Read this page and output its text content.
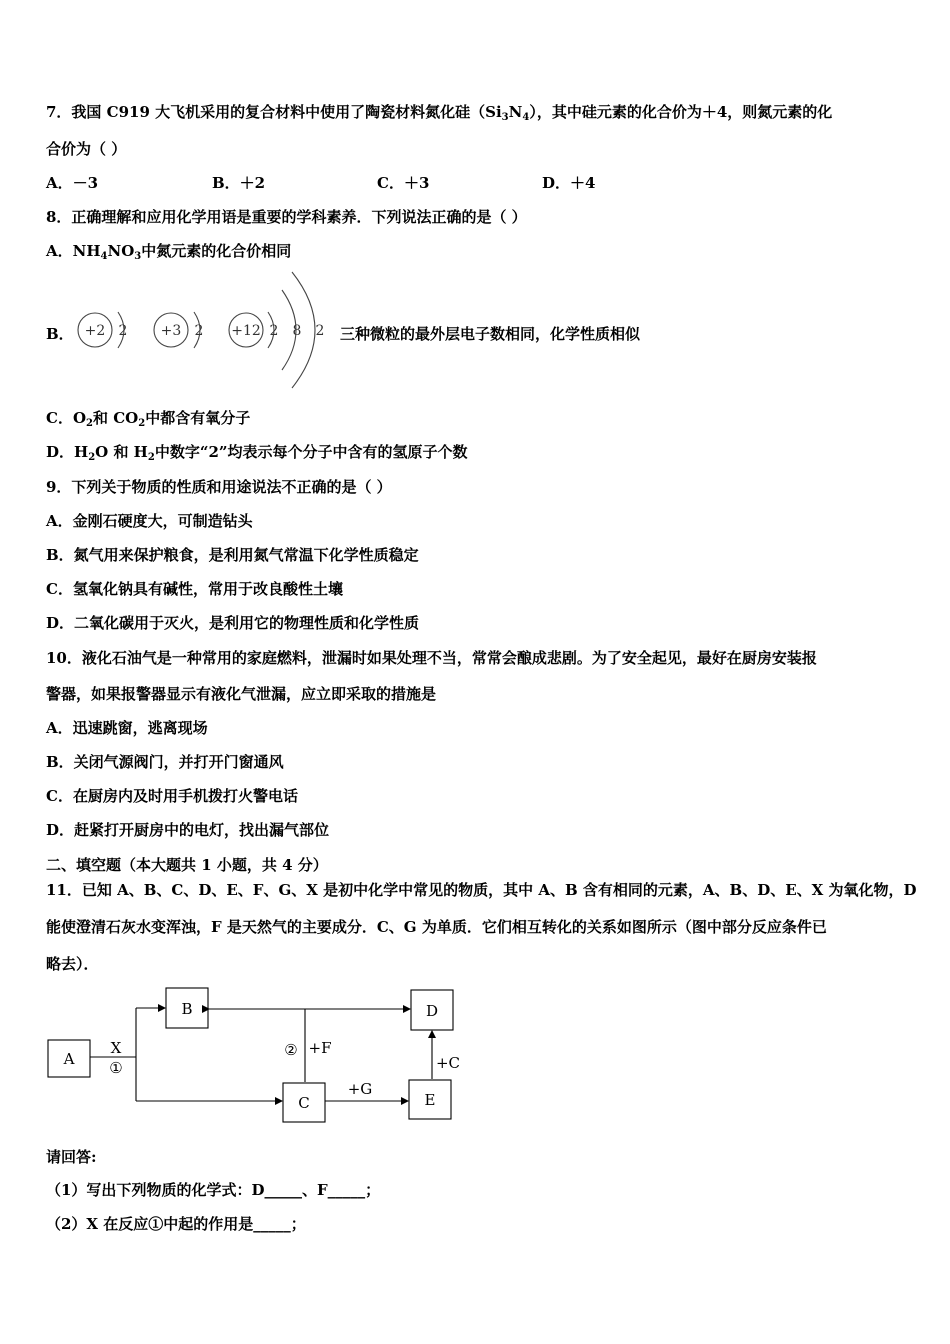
7．我国 C919 大飞机采用的复合材料中使用了陶瓷材料氮化硅$(Si_3N_4)$，其中硅元素的化合价为＋4，则氮元素的化
合价为（ ）
A．－3	B．＋2	C．＋3	D．＋4
8．正确理解和应用化学用语是重要的学科素养．下列说法正确的是（ ）
A．$NH_4NO_3$中氮元素的化合价相同
B． +2 2 +3 2 +12 2 8 2 三种微粒的最外层电子数相同，化学性质相似
C．$O_2$和 $CO_2$中都含有氧分子
D．$H_2O$ 和 $H_2$中数字“2”均表示每个分子中含有的氢原子个数
9．下列关于物质的性质和用途说法不正确的是（ ）
A．金刚石硬度大，可制造钻头
B．氮气用来保护粮食，是利用氮气常温下化学性质稳定
C．氢氧化钠具有碱性，常用于改良酸性土壤
D．二氧化碳用于灭火，是利用它的物理性质和化学性质
10．液化石油气是一种常用的家庭燃料，泄漏时如果处理不当，常常会酿成悲剧。为了安全起见，最好在厨房安装报
警器，如果报警器显示有液化气泄漏，应立即采取的措施是
A．迅速跳窗，逃离现场
B．关闭气源阀门，并打开门窗通风
C．在厨房内及时用手机拨打火警电话
D．赶紧打开厨房中的电灯，找出漏气部位
二、填空题（本大题共 1 小题，共 4 分）
11．已知 A、B、C、D、E、F、G、X 是初中化学中常见的物质，其中 A、B 含有相同的元素，A、B、D、E、X 为氧化物，D
能使澄清石灰水变浑浊，F 是天然气的主要成分．C、G 为单质．它们相互转化的关系如图所示（图中部分反应条件已
略去）．
A
B	D
C	E
X
①
② +F
+G
+C
请回答:
（1）写出下列物质的化学式：D_____、F_____；
（2）X 在反应①中起的作用是_____；
